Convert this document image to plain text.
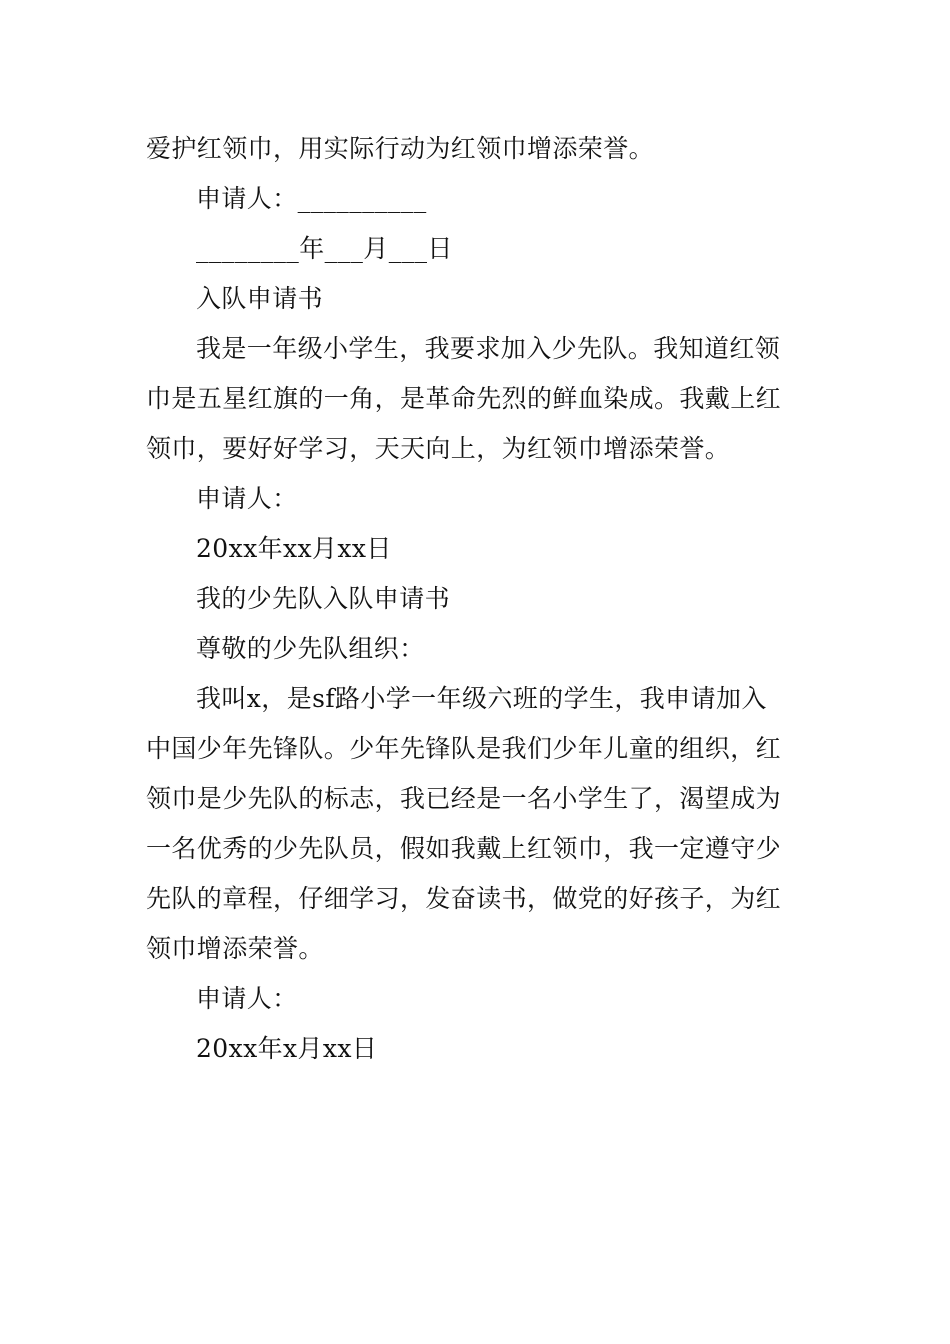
爱护红领巾，用实际行动为红领巾增添荣誉。
申请人：__________
________年___月___日
入队申请书
我是一年级小学生，我要求加入少先队。我知道红领
巾是五星红旗的一角，是革命先烈的鲜血染成。我戴上红
领巾，要好好学习，天天向上，为红领巾增添荣誉。
申请人：
20xx年xx月xx日
我的少先队入队申请书
尊敬的少先队组织：
我叫x，是sf路小学一年级六班的学生，我申请加入
中国少年先锋队。少年先锋队是我们少年儿童的组织，红
领巾是少先队的标志，我已经是一名小学生了，渴望成为
一名优秀的少先队员，假如我戴上红领巾，我一定遵守少
先队的章程，仔细学习，发奋读书，做党的好孩子，为红
领巾增添荣誉。
申请人：
20xx年x月xx日
